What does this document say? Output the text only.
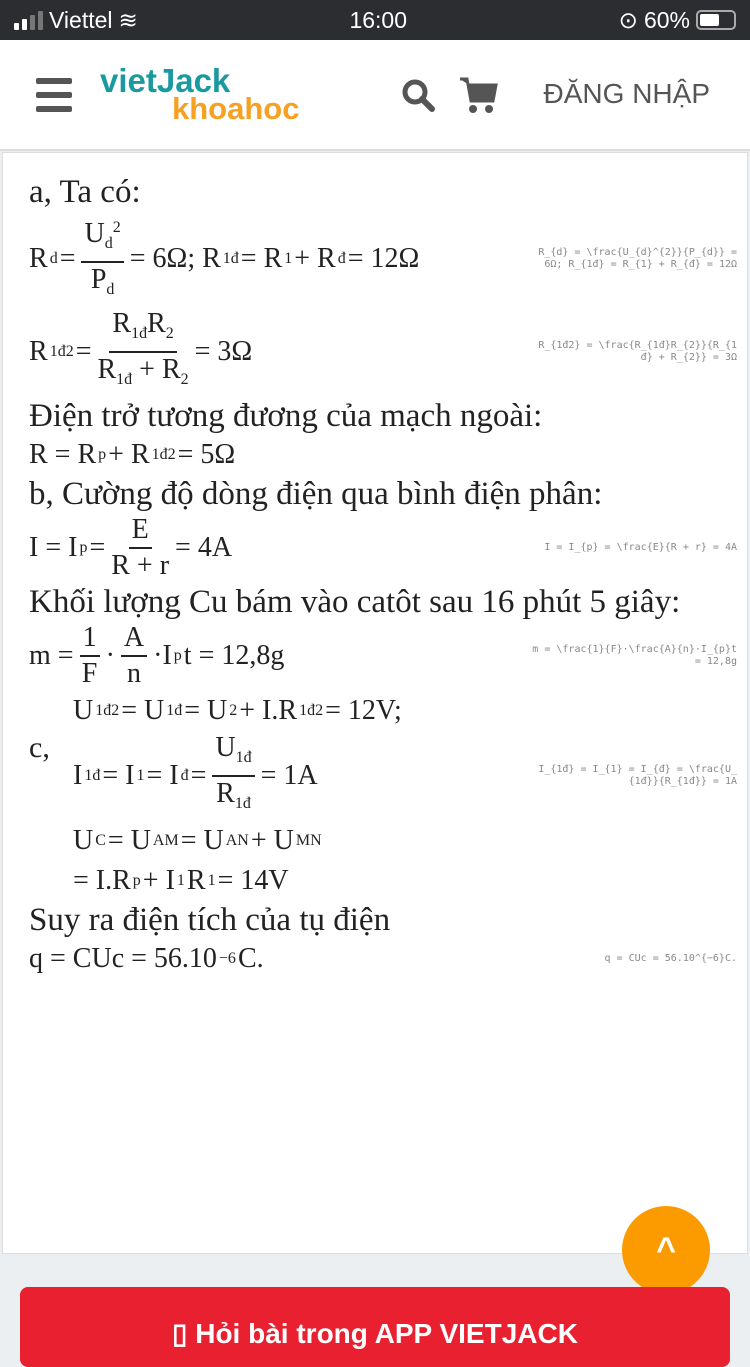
Viettel ≋	16:00	⊙ 60%
vietJack
khoahoc	ĐĂNG NHẬP
a, Ta có:
R $d = \frac{U_d^2}{P_d} = 6\Omega$; R 1đ = R 1 + R đ = 12Ω	R_{d} = \frac{U_{d}^{2}}{P_{d}} = 6Ω; R_{1đ} = R_{1} + R_{đ} = 12Ω
R 1đ2 = $\frac{R_{1đ}R_2}{R_{1đ} + R_2} = 3\Omega$	R_{1đ2} = \frac{R_{1đ}R_{2}}{R_{1đ} + R_{2}} = 3Ω
Điện trở tương đương của mạch ngoài:
R = R p + R 1đ2 = 5Ω
b, Cường độ dòng điện qua bình điện phân:
I = I $p = \frac{E}{R + r} = 4A$	I = I_{p} = \frac{E}{R + r} = 4A
Khối lượng Cu bám vào catôt sau 16 phút 5 giây:
$m = \frac{1}{F} \cdot \frac{A}{n} \cdot I$ p t = 12,8g	m = \frac{1}{F}·\frac{A}{n}·I_{p}t = 12,8g
U 1đ2 = U 1đ = U 2 + I.R 1đ2 = 12V;
c,
I 1đ = I 1 = I đ = $\frac{U_{1đ}}{R_{1đ}} = 1A$	I_{1đ} = I_{1} = I_{đ} = \frac{U_{1đ}}{R_{1đ}} = 1A
U C = U AM = U AN + U MN
= I.R p + I 1 R 1 = 14V
Suy ra điện tích của tụ điện
q = CUc = 56.10 −6 C.	q = CUc = 56.10^{−6}C.
^
▯ Hỏi bài trong APP VIETJACK
